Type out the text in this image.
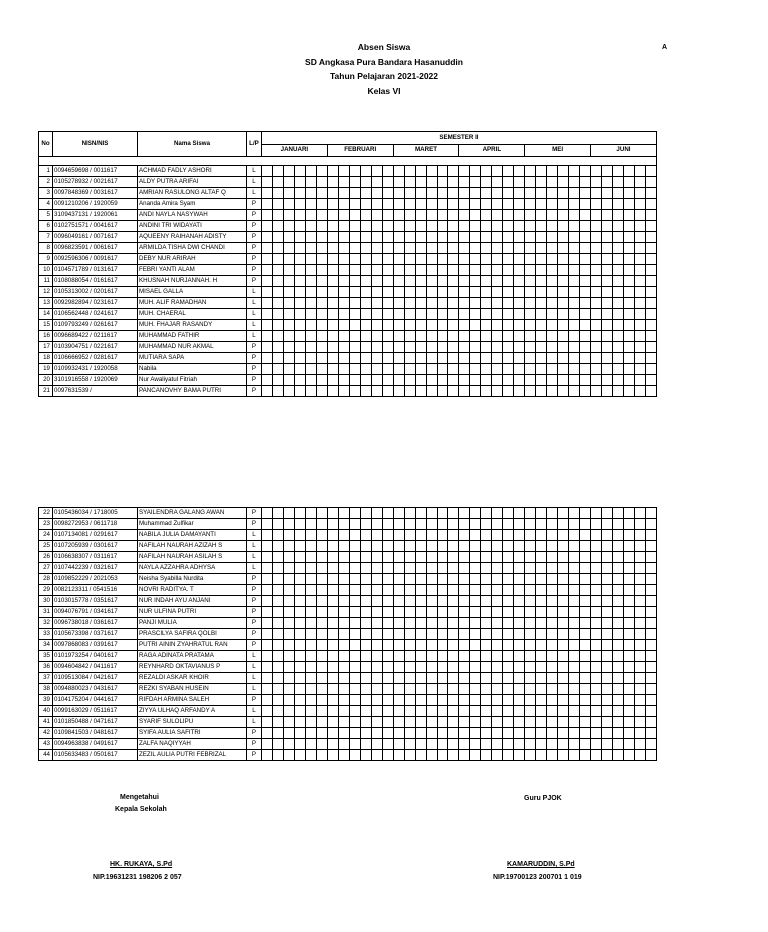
Absen Siswa
SD Angkasa Pura Bandara Hasanuddin
Tahun Pelajaran 2021-2022
Kelas VI
A
No	NISN/NIS	Nama Siswa	L/P	SEMESTER II																																			
				JANUARI						FEBRUARI						MARET						APRIL						MEI						JUNI					

1	0094659698 / 0011617	ACHMAD FADLY ASHORI	L																																				
2	0105278932 / 0021617	ALDY PUTRA ARIFAI	L																																				
3	0097848369 / 0031617	AMRIAN RASULONG ALTAF Q	L																																				
4	0091210206 / 1920059	Ananda Amira Syam	P																																				
5	3109437131 / 1920061	ANDI NAYLA NASYWAH	P																																				
6	0102751571 / 0041617	ANDINI TRI WIDAYATI	P																																				
7	0096049161 / 0071617	AQUEENY RAIHANAH ADISTY	P																																				
8	0096823591 / 0061617	ARMILDA TISHA DWI CHANDI	P																																				
9	0092596306 / 0091617	DEBY NUR ARIRAH	P																																				
10	0104571789 / 0131617	FEBRI YANTI ALAM	P																																				
11	0108088054 / 0161617	KHUSNAH NURJANNAH. H	P																																				
12	0105313002 / 0201617	MISAEL GALLA	L																																				
13	0092982894 / 0231617	MUH. ALIF RAMADHAN	L																																				
14	0106562448 / 0241617	MUH. CHAERAL	L																																				
15	0109793249 / 0261617	MUH. FHAJAR RASANDY	L																																				
16	0096689422 / 0211617	MUHAMMAD FATHIR	L																																				
17	0103904751 / 0221617	MUHAMMAD NUR AKMAL	P																																				
18	0106666952 / 0281617	MUTIARA SAPA	P																																				
19	0109932431 / 1920058	Nabila	P																																				
20	3101916558 / 1920069	Nur Awaliyatul Fitriah	P																																				
21	0097631539 /	PANCANOVHY BAMA PUTRI	P																																				
22	0105436034 / 1718005	SYAILENDRA GALANG AWAN	P																																				
23	0098272953 / 0611718	Muhammad Zulfikar	P																																				
24	0107134081 / 0291617	NABILA JULIA DAMAYANTI	L																																				
25	0107205939 / 0301617	NAFILAH NAURAH AZIZAH S	L																																				
26	0106638307 / 0311617	NAFILAH NAURAH ASILAH S	L																																				
27	0107442239 / 0321617	NAYLA AZZAHRA ADHYSA	L																																				
28	0109852229 / 2021053	Neisha Syabilla Nurdita	P																																				
29	0082123311 / 0541516	NOVRI RADITYA. T	P																																				
30	0103015778 / 0351617	NUR INDAH AYU ANJANI	P																																				
31	0094076791 / 0341617	NUR ULFINA PUTRI	P																																				
32	0096738018 / 0361617	PANJI MULIA	P																																				
33	0105673398 / 0371617	PRASCILYA SAFIRA QOLBI	P																																				
34	0097868083 / 0391617	PUTRI AININ ZYAHRATUL RAN	P																																				
35	0101973254 / 0401617	RAGA ADINATA PRATAMA	L																																				
36	0094604842 / 0411617	REYNHARD OKTAVIANUS P	L																																				
37	0109513084 / 0421617	REZALDI ASKAR KHOIR	L																																				
38	0094880023 / 0431617	REZKI SYABAN HUSEIN	L																																				
39	0104175204 / 0441617	RIFDAH ARMINA SALEH	P																																				
40	0099163029 / 0511617	ZIYYA ULHAQ ARFANDY A	L																																				
41	0101850488 / 0471617	SYARIF SULOLIPU	L																																				
42	0109841503 / 0481617	SYIFA AULIA SAFITRI	P																																				
43	0094963838 / 0491617	ZALFA NAQIYYAH	P																																				
44	0105633483 / 0501617	ZEZIL AULIA PUTRI FEBRIZAL	P																																				
Mengetahui
Kepala Sekolah
HK. RUKAYA, S.Pd
NIP.19631231 198206 2 057
Guru PJOK
KAMARUDDIN, S.Pd
NIP.19700123 200701 1 019
